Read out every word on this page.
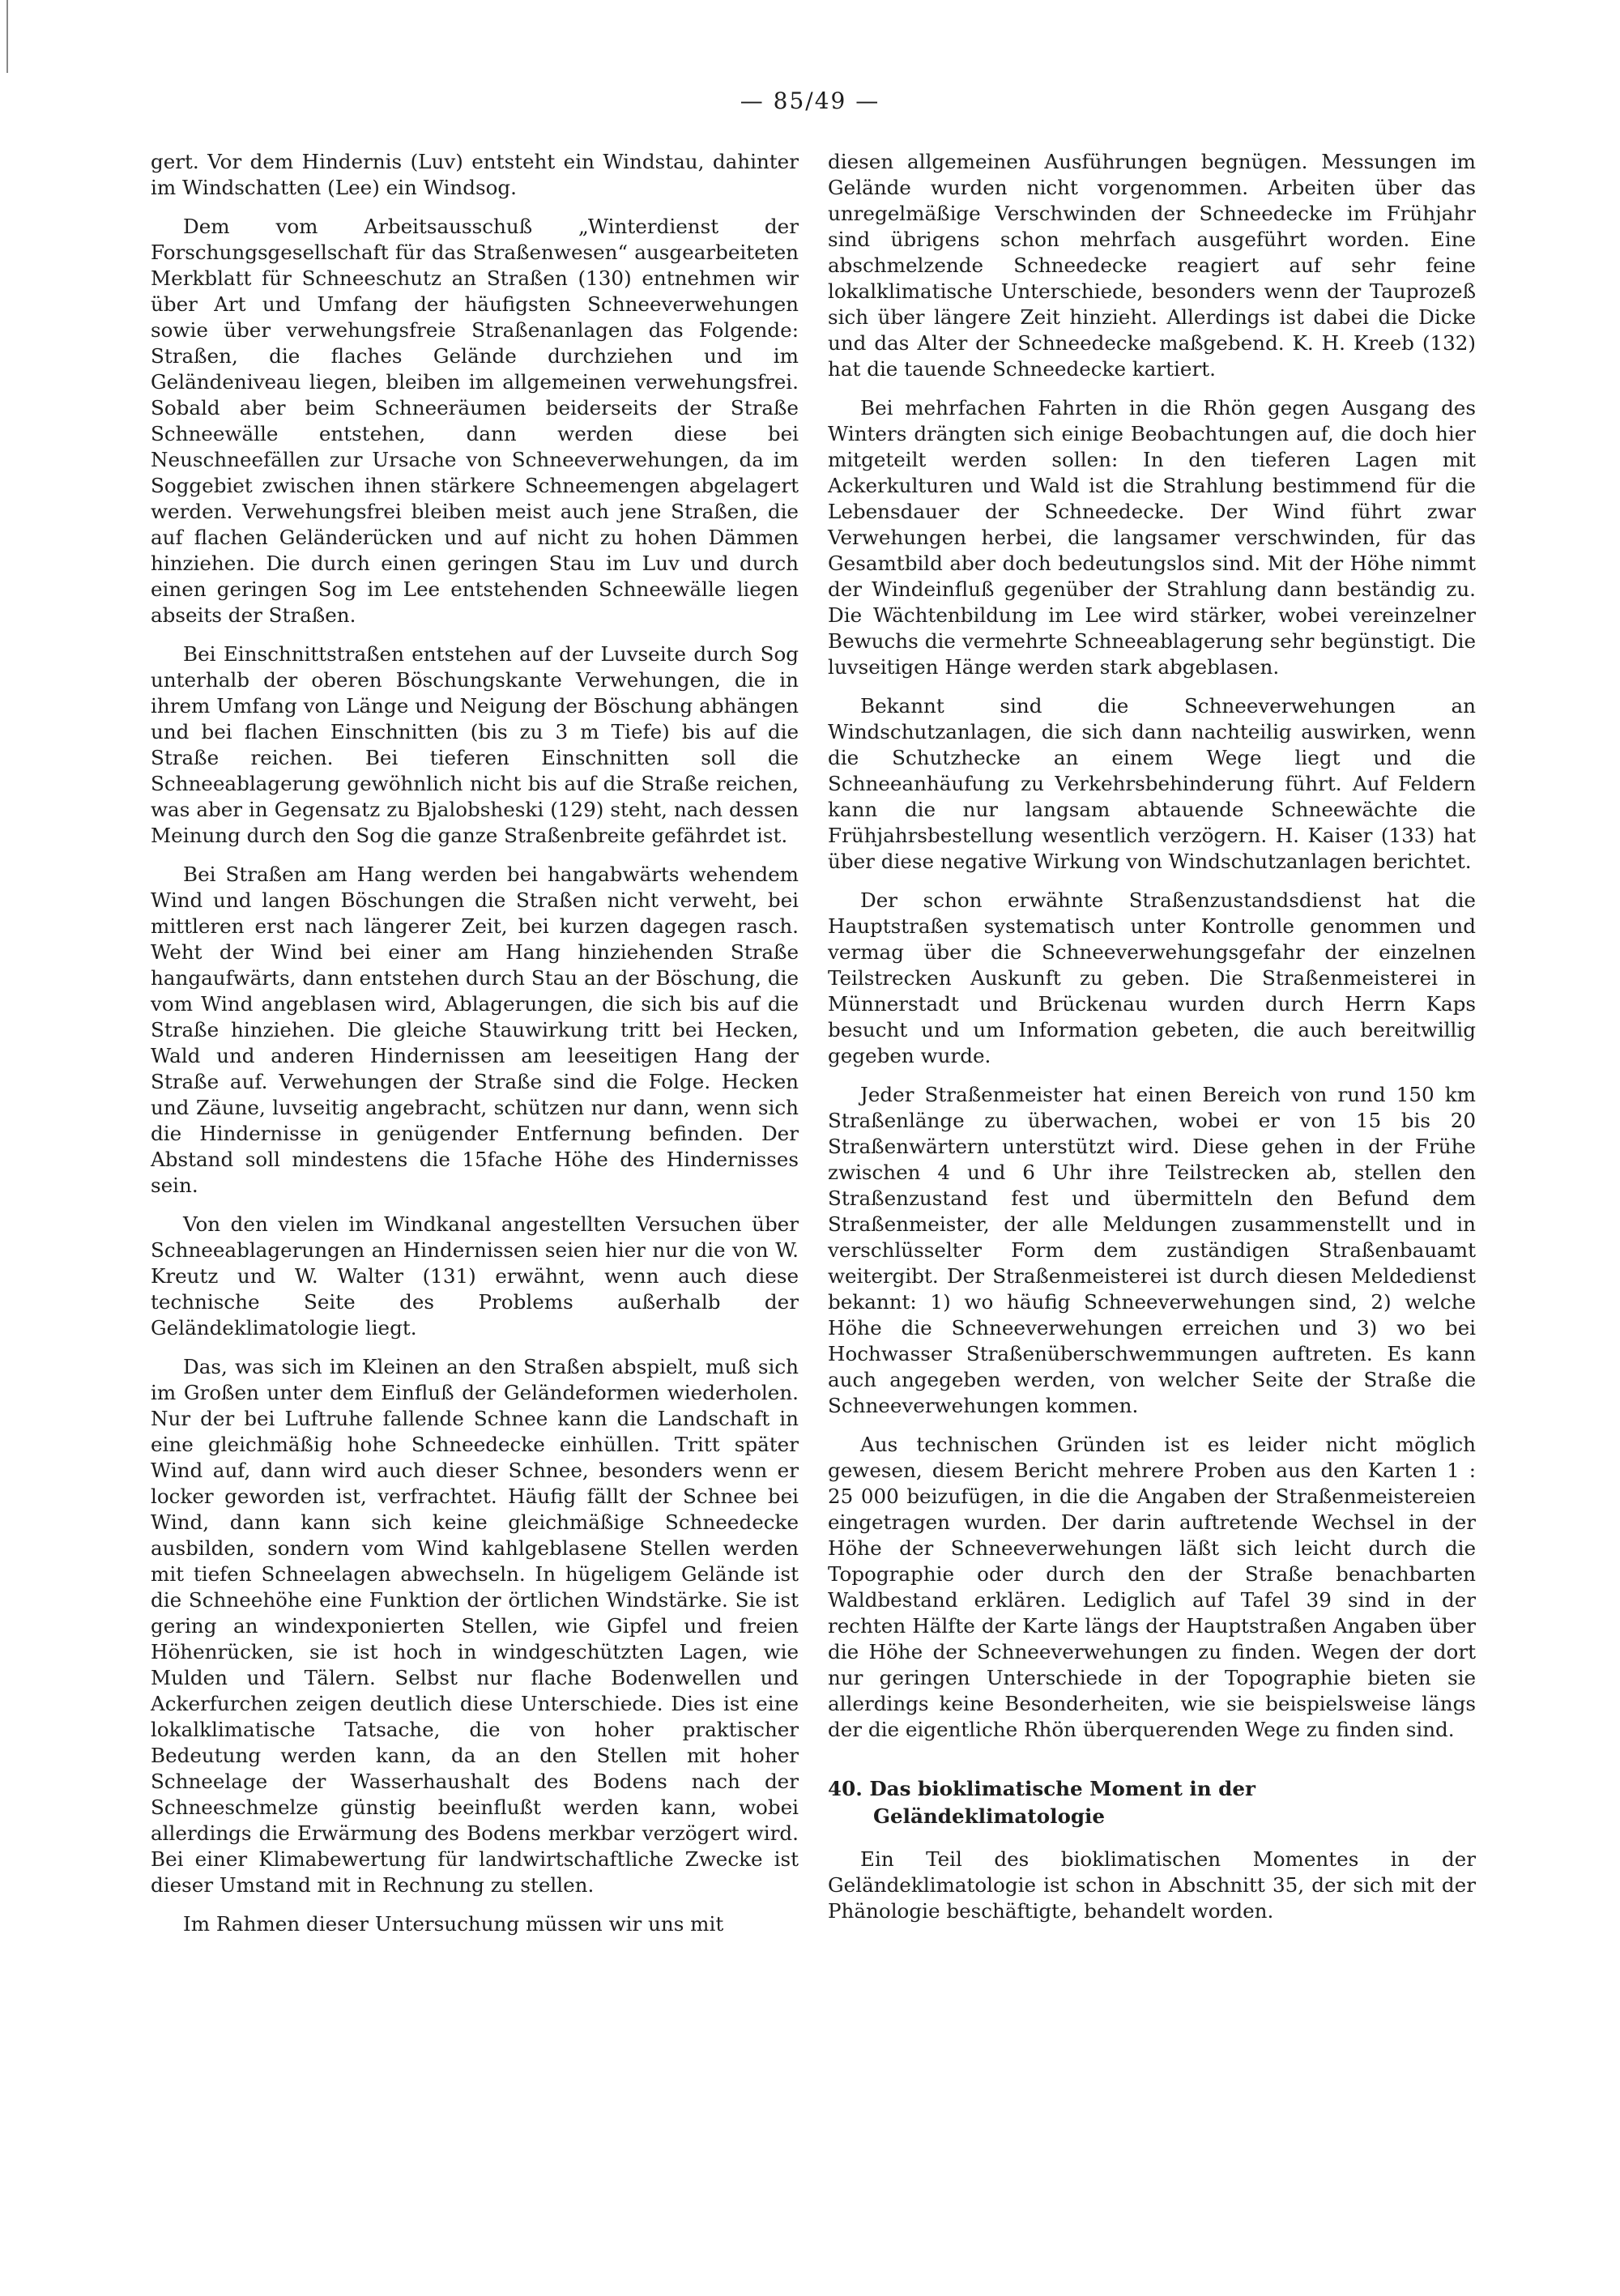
— 85/49 —

gert. Vor dem Hindernis (Luv) entsteht ein Windstau, dahinter im Windschatten (Lee) ein Windsog.

Dem vom Arbeitsausschuß „Winterdienst der Forschungsgesellschaft für das Straßenwesen“ ausgearbeiteten Merkblatt für Schneeschutz an Straßen (130) entnehmen wir über Art und Umfang der häufigsten Schneeverwehungen sowie über verwehungsfreie Straßenanlagen das Folgende: Straßen, die flaches Gelände durchziehen und im Geländeniveau liegen, bleiben im allgemeinen verwehungsfrei. Sobald aber beim Schneeräumen beiderseits der Straße Schneewälle entstehen, dann werden diese bei Neuschneefällen zur Ursache von Schneeverwehungen, da im Soggebiet zwischen ihnen stärkere Schneemengen abgelagert werden. Verwehungsfrei bleiben meist auch jene Straßen, die auf flachen Geländerücken und auf nicht zu hohen Dämmen hinziehen. Die durch einen geringen Stau im Luv und durch einen geringen Sog im Lee entstehenden Schneewälle liegen abseits der Straßen.

Bei Einschnittstraßen entstehen auf der Luvseite durch Sog unterhalb der oberen Böschungskante Verwehungen, die in ihrem Umfang von Länge und Neigung der Böschung abhängen und bei flachen Einschnitten (bis zu 3 m Tiefe) bis auf die Straße reichen. Bei tieferen Einschnitten soll die Schneeablagerung gewöhnlich nicht bis auf die Straße reichen, was aber in Gegensatz zu Bjalobsheski (129) steht, nach dessen Meinung durch den Sog die ganze Straßenbreite gefährdet ist.

Bei Straßen am Hang werden bei hangabwärts wehendem Wind und langen Böschungen die Straßen nicht verweht, bei mittleren erst nach längerer Zeit, bei kurzen dagegen rasch. Weht der Wind bei einer am Hang hinziehenden Straße hangaufwärts, dann entstehen durch Stau an der Böschung, die vom Wind angeblasen wird, Ablagerungen, die sich bis auf die Straße hinziehen. Die gleiche Stauwirkung tritt bei Hecken, Wald und anderen Hindernissen am leeseitigen Hang der Straße auf. Verwehungen der Straße sind die Folge. Hecken und Zäune, luvseitig angebracht, schützen nur dann, wenn sich die Hindernisse in genügender Entfernung befinden. Der Abstand soll mindestens die 15fache Höhe des Hindernisses sein.

Von den vielen im Windkanal angestellten Versuchen über Schneeablagerungen an Hindernissen seien hier nur die von W. Kreutz und W. Walter (131) erwähnt, wenn auch diese technische Seite des Problems außerhalb der Geländeklimatologie liegt.

Das, was sich im Kleinen an den Straßen abspielt, muß sich im Großen unter dem Einfluß der Geländeformen wiederholen. Nur der bei Luftruhe fallende Schnee kann die Landschaft in eine gleichmäßig hohe Schneedecke einhüllen. Tritt später Wind auf, dann wird auch dieser Schnee, besonders wenn er locker geworden ist, verfrachtet. Häufig fällt der Schnee bei Wind, dann kann sich keine gleichmäßige Schneedecke ausbilden, sondern vom Wind kahlgeblasene Stellen werden mit tiefen Schneelagen abwechseln. In hügeligem Gelände ist die Schneehöhe eine Funktion der örtlichen Windstärke. Sie ist gering an windexponierten Stellen, wie Gipfel und freien Höhenrücken, sie ist hoch in windgeschützten Lagen, wie Mulden und Tälern. Selbst nur flache Bodenwellen und Ackerfurchen zeigen deutlich diese Unterschiede. Dies ist eine lokalklimatische Tatsache, die von hoher praktischer Bedeutung werden kann, da an den Stellen mit hoher Schneelage der Wasserhaushalt des Bodens nach der Schneeschmelze günstig beeinflußt werden kann, wobei allerdings die Erwärmung des Bodens merkbar verzögert wird. Bei einer Klimabewertung für landwirtschaftliche Zwecke ist dieser Umstand mit in Rechnung zu stellen.

Im Rahmen dieser Untersuchung müssen wir uns mit

diesen allgemeinen Ausführungen begnügen. Messungen im Gelände wurden nicht vorgenommen. Arbeiten über das unregelmäßige Verschwinden der Schneedecke im Frühjahr sind übrigens schon mehrfach ausgeführt worden. Eine abschmelzende Schneedecke reagiert auf sehr feine lokalklimatische Unterschiede, besonders wenn der Tauprozeß sich über längere Zeit hinzieht. Allerdings ist dabei die Dicke und das Alter der Schneedecke maßgebend. K. H. Kreeb (132) hat die tauende Schneedecke kartiert.

Bei mehrfachen Fahrten in die Rhön gegen Ausgang des Winters drängten sich einige Beobachtungen auf, die doch hier mitgeteilt werden sollen: In den tieferen Lagen mit Ackerkulturen und Wald ist die Strahlung bestimmend für die Lebensdauer der Schneedecke. Der Wind führt zwar Verwehungen herbei, die langsamer verschwinden, für das Gesamtbild aber doch bedeutungslos sind. Mit der Höhe nimmt der Windeinfluß gegenüber der Strahlung dann beständig zu. Die Wächtenbildung im Lee wird stärker, wobei vereinzelner Bewuchs die vermehrte Schneeablagerung sehr begünstigt. Die luvseitigen Hänge werden stark abgeblasen.

Bekannt sind die Schneeverwehungen an Windschutzanlagen, die sich dann nachteilig auswirken, wenn die Schutzhecke an einem Wege liegt und die Schneeanhäufung zu Verkehrsbehinderung führt. Auf Feldern kann die nur langsam abtauende Schneewächte die Frühjahrsbestellung wesentlich verzögern. H. Kaiser (133) hat über diese negative Wirkung von Windschutzanlagen berichtet.

Der schon erwähnte Straßenzustandsdienst hat die Hauptstraßen systematisch unter Kontrolle genommen und vermag über die Schneeverwehungsgefahr der einzelnen Teilstrecken Auskunft zu geben. Die Straßenmeisterei in Münnerstadt und Brückenau wurden durch Herrn Kaps besucht und um Information gebeten, die auch bereitwillig gegeben wurde.

Jeder Straßenmeister hat einen Bereich von rund 150 km Straßenlänge zu überwachen, wobei er von 15 bis 20 Straßenwärtern unterstützt wird. Diese gehen in der Frühe zwischen 4 und 6 Uhr ihre Teilstrecken ab, stellen den Straßenzustand fest und übermitteln den Befund dem Straßenmeister, der alle Meldungen zusammenstellt und in verschlüsselter Form dem zuständigen Straßenbauamt weitergibt. Der Straßenmeisterei ist durch diesen Meldedienst bekannt: 1) wo häufig Schneeverwehungen sind, 2) welche Höhe die Schneeverwehungen erreichen und 3) wo bei Hochwasser Straßenüberschwemmungen auftreten. Es kann auch angegeben werden, von welcher Seite der Straße die Schneeverwehungen kommen.

Aus technischen Gründen ist es leider nicht möglich gewesen, diesem Bericht mehrere Proben aus den Karten 1 : 25 000 beizufügen, in die die Angaben der Straßenmeistereien eingetragen wurden. Der darin auftretende Wechsel in der Höhe der Schneeverwehungen läßt sich leicht durch die Topographie oder durch den der Straße benachbarten Waldbestand erklären. Lediglich auf Tafel 39 sind in der rechten Hälfte der Karte längs der Hauptstraßen Angaben über die Höhe der Schneeverwehungen zu finden. Wegen der dort nur geringen Unterschiede in der Topographie bieten sie allerdings keine Besonderheiten, wie sie beispielsweise längs der die eigentliche Rhön überquerenden Wege zu finden sind.

40. Das bioklimatische Moment in der
Geländeklimatologie

Ein Teil des bioklimatischen Momentes in der Geländeklimatologie ist schon in Abschnitt 35, der sich mit der Phänologie beschäftigte, behandelt worden.
